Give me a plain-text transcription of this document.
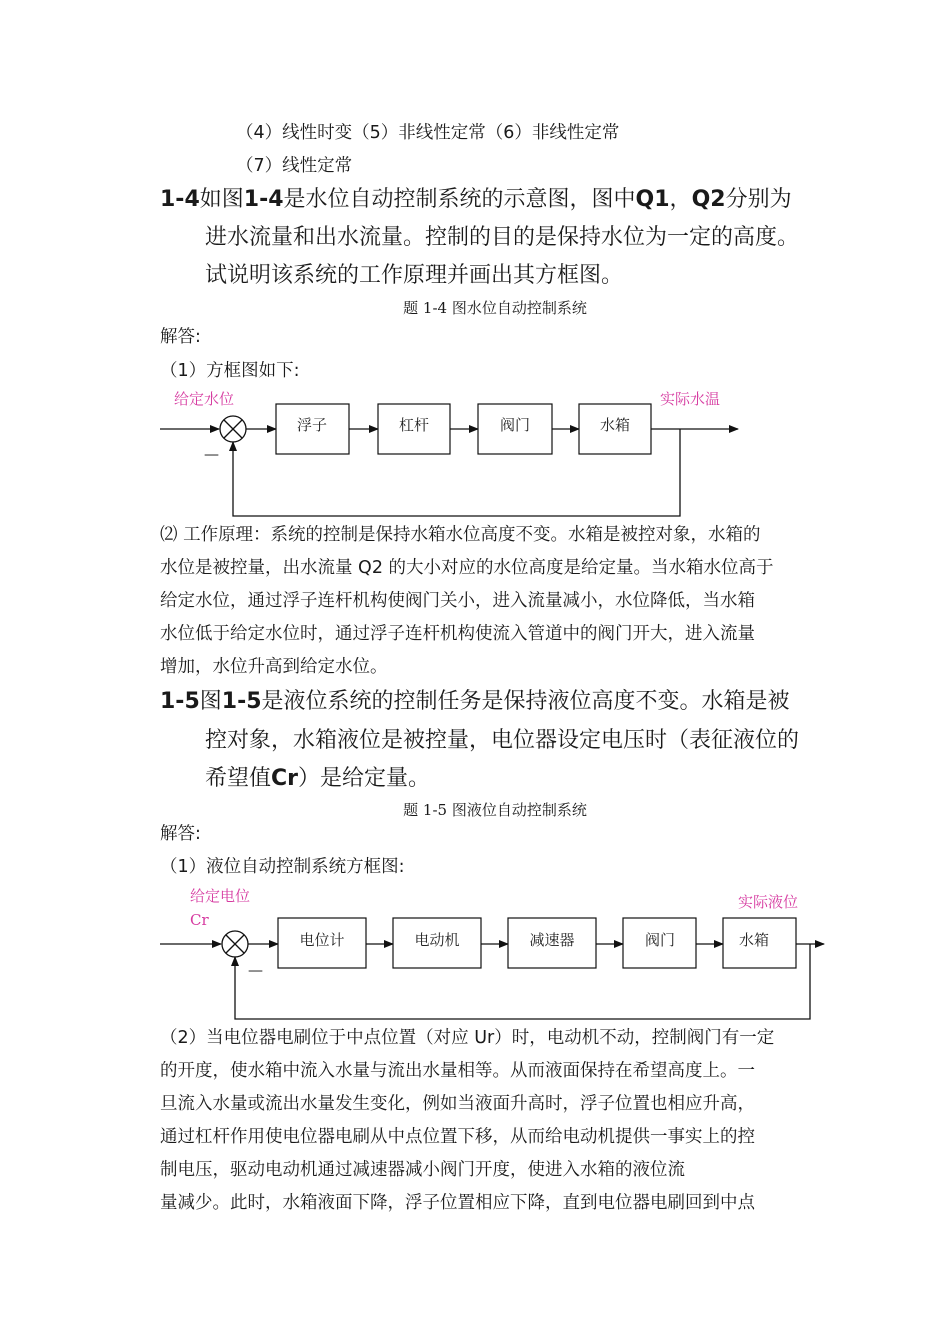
（4）线性时变（5）非线性定常（6）非线性定常
（7）线性定常
1-4如图1-4是水位自动控制系统的示意图，图中Q1，Q2分别为
进水流量和出水流量。控制的目的是保持水位为一定的高度。
试说明该系统的工作原理并画出其方框图。
题 1-4 图水位自动控制系统
解答:
（1）方框图如下:
给定水位	实际水温
—
浮子	杠杆	阀门	水箱
⑵ 工作原理：系统的控制是保持水箱水位高度不变。水箱是被控对象，水箱的
水位是被控量，出水流量 Q2 的大小对应的水位高度是给定量。当水箱水位高于
给定水位，通过浮子连杆机构使阀门关小，进入流量减小，水位降低，当水箱
水位低于给定水位时，通过浮子连杆机构使流入管道中的阀门开大，进入流量
增加，水位升高到给定水位。
1-5图1-5是液位系统的控制任务是保持液位高度不变。水箱是被
控对象，水箱液位是被控量，电位器设定电压时（表征液位的
希望值Cr）是给定量。
题 1-5 图液位自动控制系统
解答:
（1）液位自动控制系统方框图:
给定电位
Cr
实际液位
—
电位计	电动机	减速器	阀门	水箱
（2）当电位器电刷位于中点位置（对应 Ur）时，电动机不动，控制阀门有一定
的开度，使水箱中流入水量与流出水量相等。从而液面保持在希望高度上。一
旦流入水量或流出水量发生变化，例如当液面升高时，浮子位置也相应升高，
通过杠杆作用使电位器电刷从中点位置下移，从而给电动机提供一事实上的控
制电压，驱动电动机通过减速器减小阀门开度，使进入水箱的液位流
量减少。此时，水箱液面下降，浮子位置相应下降，直到电位器电刷回到中点
